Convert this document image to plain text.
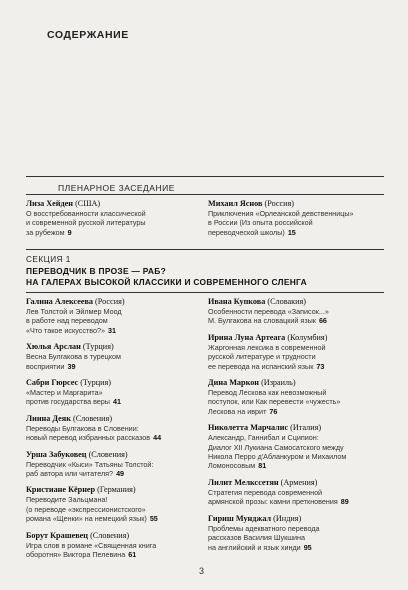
СОДЕРЖАНИЕ
ПЛЕНАРНОЕ ЗАСЕДАНИЕ
Лиза Хейден (США)
О восстребованности классической
и современной русской литературы
за рубежом 9
Михаил Яснов (Россия)
Приключения «Орлеанской девственницы»
в России (Из опыта российской
переводческой школы) 15
СЕКЦИЯ 1
ПЕРЕВОДЧИК В ПРОЗЕ — РАБ?
НА ГАЛЕРАХ ВЫСОКОЙ КЛАССИКИ И СОВРЕМЕННОГО СЛЕНГА
Галина Алексеева (Россия)
Лев Толстой и Эйлмер Моод
в работе над переводом
«Что такое искусство?» 31
Хюлья Арслан (Турция)
Весна Булгакова в турецком
восприятии 39
Сабри Гюрсес (Турция)
«Мастер и Маргарита»
против государства веры 41
Лиина Деяк (Словения)
Переводы Булгакова в Словении:
новый перевод избранных рассказов 44
Урша Забуковец (Словения)
Переводчик «Кыси» Татьяны Толстой:
раб автора или читателя? 49
Кристиане Кёрнер (Германия)
Переводите Зальцмана!
(о переводе «экспрессионистского»
романа «Щенки» на немецкий язык) 55
Борут Крашевец (Словения)
Игра слов в романе «Священная книга
оборотня» Виктора Пелевина 61
Ивана Купкова (Словакия)
Особенности перевода «Записок...»
М. Булгакова на словацкий язык 66
Ирина Луна Артеага (Колумбия)
Жаргонная лексика в современной
русской литературе и трудности
ее перевода на испанский язык 73
Дина Маркон (Израиль)
Перевод Лескова как невозможный
поступок, или Как перевести «чужесть»
Лескова на иврит 76
Николетта Марчалис (Италия)
Александр, Ганнибал и Сципион:
Диалог XII Лукиана Самосатского между
Никола Перро д'Абланкуром и Михаилом
Ломоносовым 81
Лилит Мелкссетян (Армения)
Стратегия перевода современной
армянской прозы: камни преткновения 89
Гириш Мунджал (Индия)
Проблемы адекватного перевода
рассказов Василия Шукшина
на английский и язык хинди 95
3
